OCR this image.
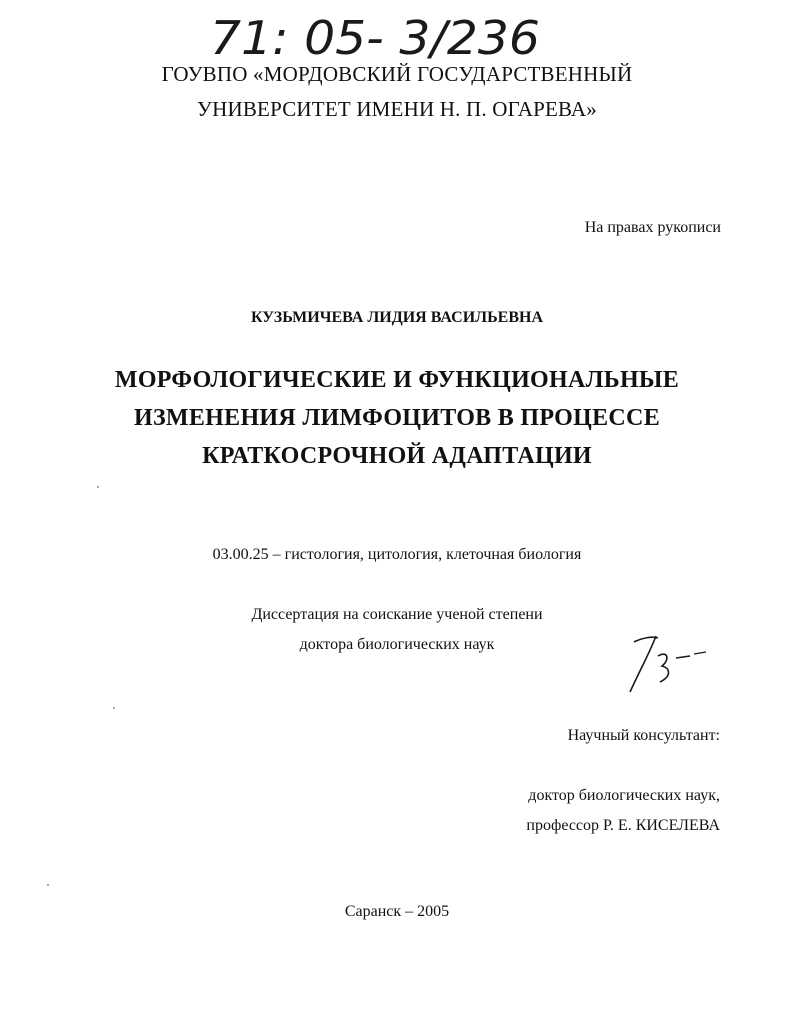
71: 05- 3/236
ГОУВПО «МОРДОВСКИЙ ГОСУДАРСТВЕННЫЙ
УНИВЕРСИТЕТ ИМЕНИ Н. П. ОГАРЕВА»
На правах рукописи
КУЗЬМИЧЕВА ЛИДИЯ ВАСИЛЬЕВНА
МОРФОЛОГИЧЕСКИЕ И ФУНКЦИОНАЛЬНЫЕ
ИЗМЕНЕНИЯ ЛИМФОЦИТОВ В ПРОЦЕССЕ
КРАТКОСРОЧНОЙ АДАПТАЦИИ
03.00.25 – гистология, цитология, клеточная биология
Диссертация на соискание ученой степени
доктора биологических наук
Научный консультант:
доктор биологических наук,
профессор Р. Е. КИСЕЛЕВА
Саранск – 2005
